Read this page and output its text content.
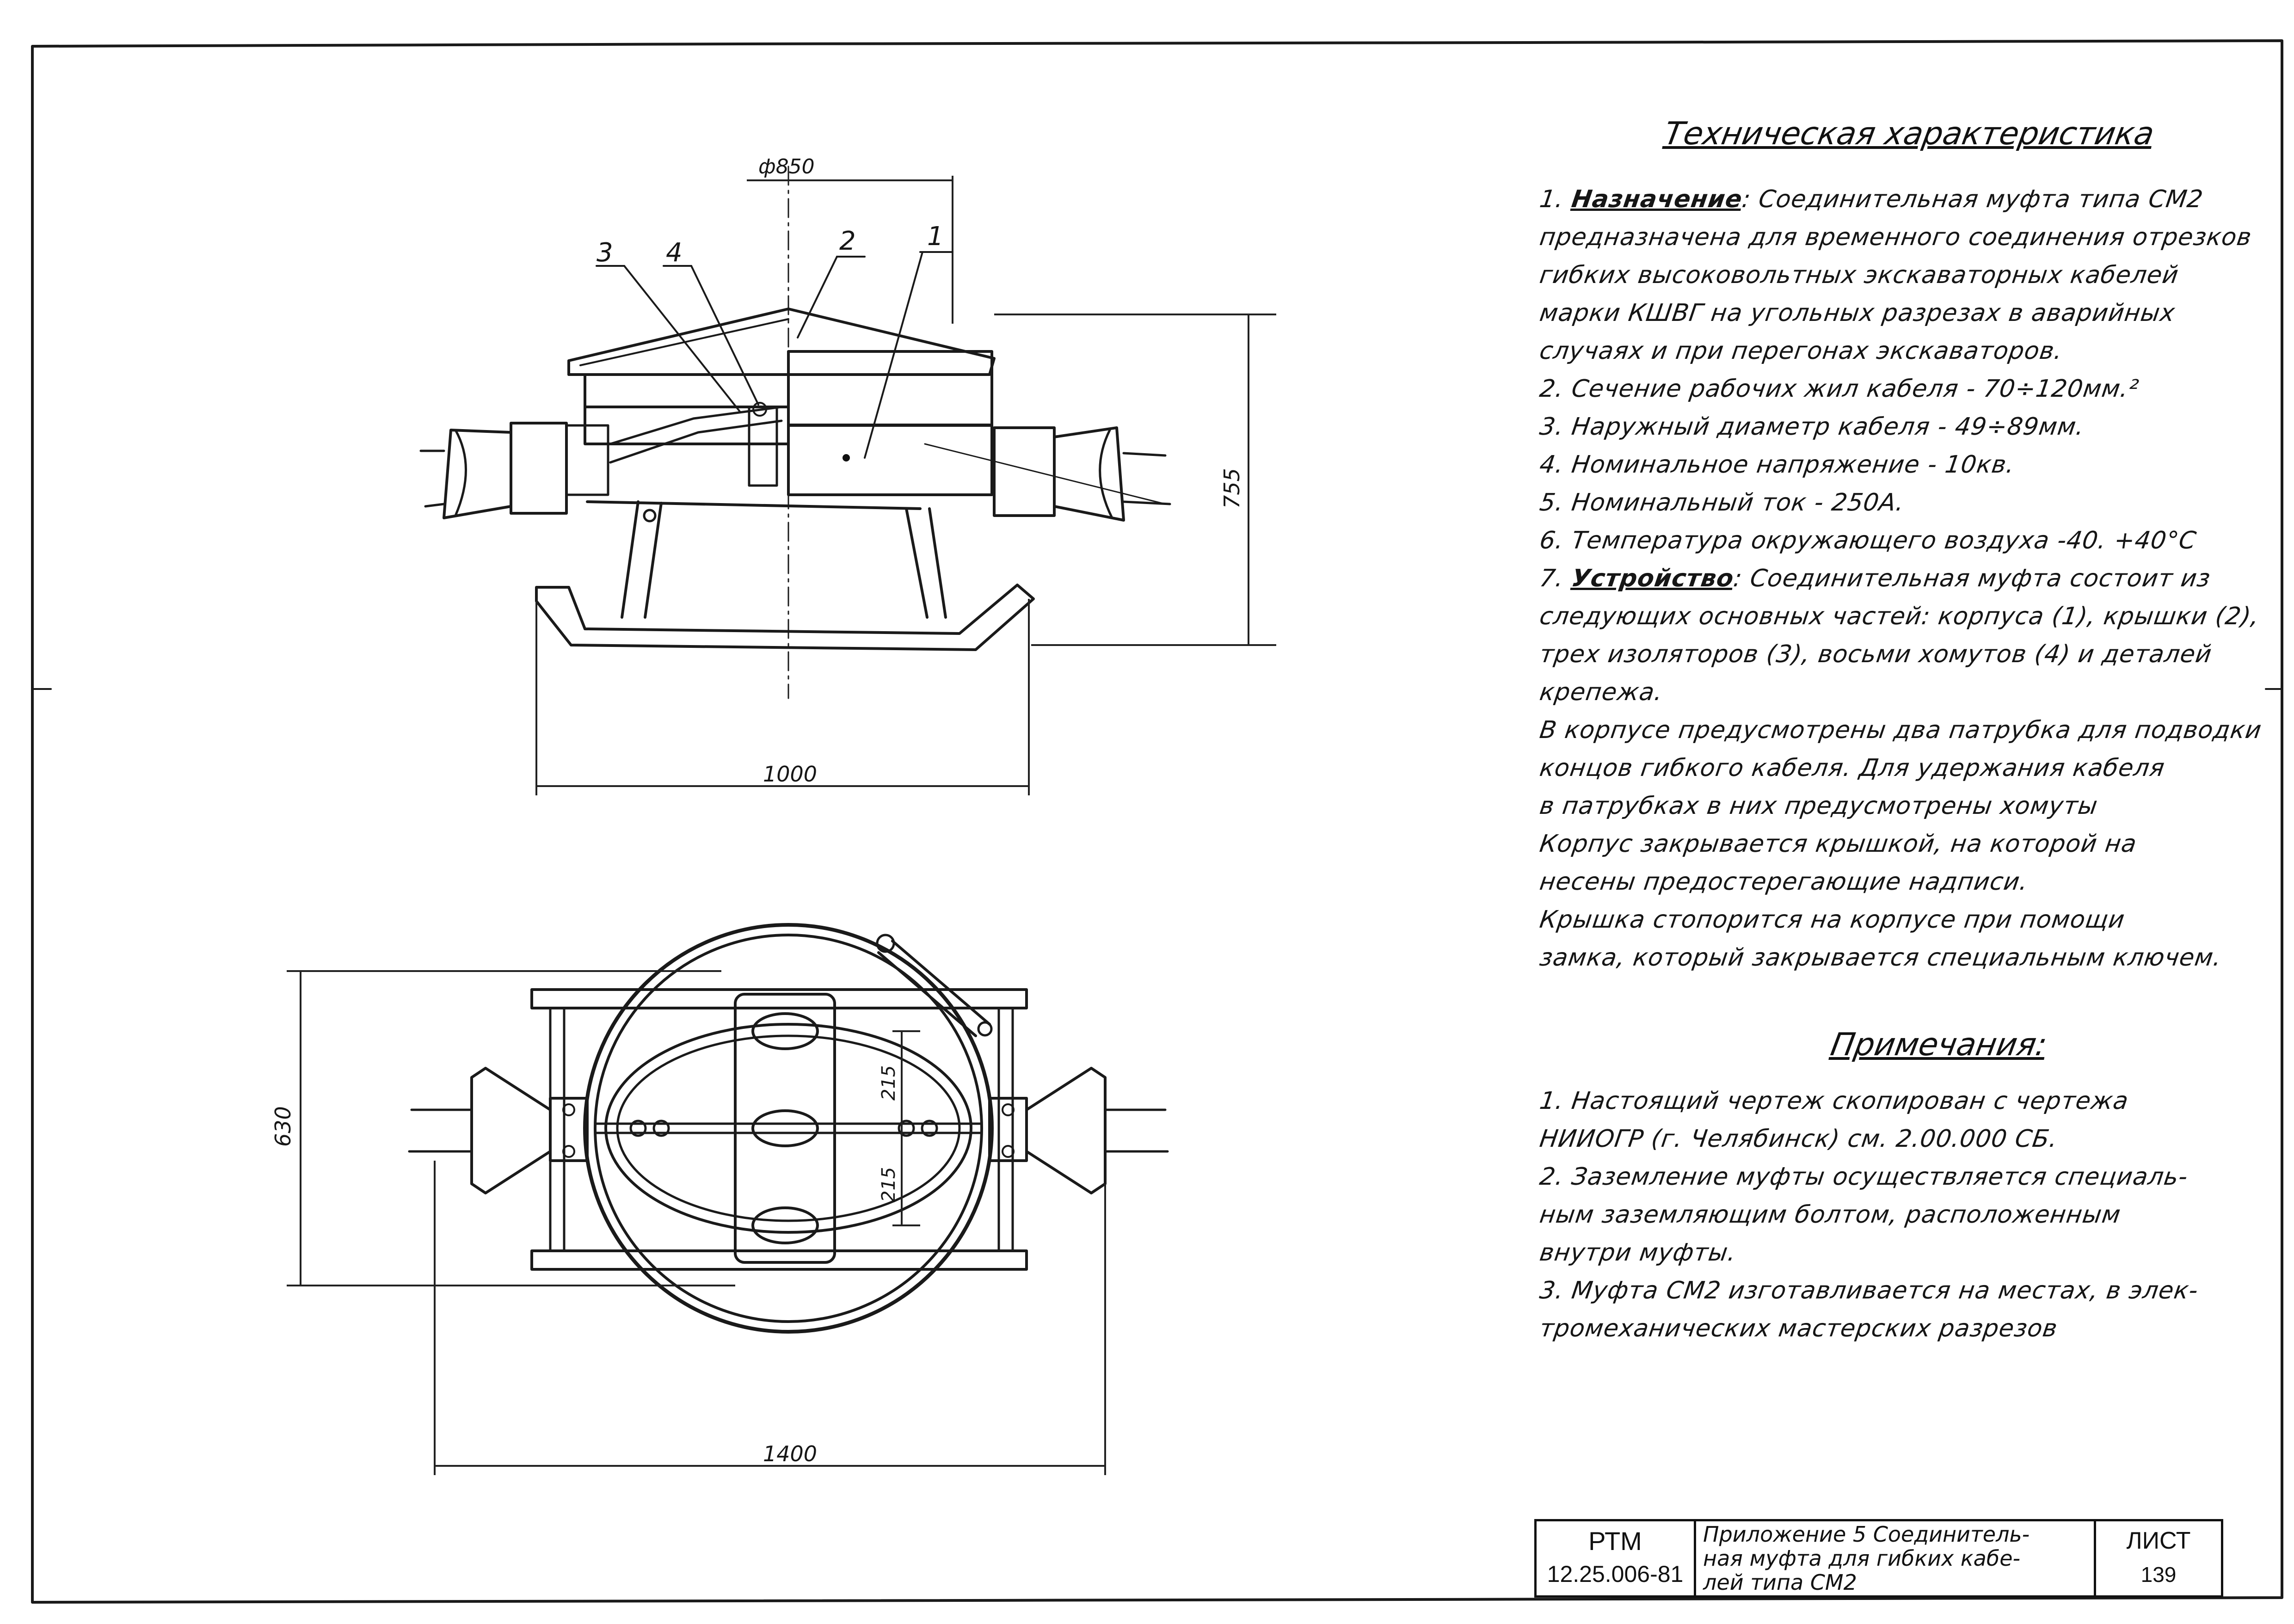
ф850
755
1000
3 4	2	1
630
215
215
1400
Техническая характеристика

1. Назначение: Соединительная муфта типа СМ2

предназначена для временного соединения отрезков

гибких высоковольтных экскаваторных кабелей

марки КШВГ на угольных разрезах в аварийных

случаях и при перегонах экскаваторов.

2. Сечение рабочих жил кабеля - 70÷120мм.²

3. Наружный диаметр кабеля - 49÷89мм.

4. Номинальное напряжение - 10кв.

5. Номинальный ток - 250А.

6. Температура окружающего воздуха -40. +40°С

7. Устройство: Соединительная муфта состоит из

следующих основных частей: корпуса (1), крышки (2),

трех изоляторов (3), восьми хомутов (4) и деталей

крепежа.

В корпусе предусмотрены два патрубка для подводки

концов гибкого кабеля. Для удержания кабеля

в патрубках в них предусмотрены хомуты

Корпус закрывается крышкой, на которой на

несены предостерегающие надписи.

Крышка стопорится на корпусе при помощи

замка, который закрывается специальным ключем.

Примечания:

1. Настоящий чертеж скопирован с чертежа

НИИОГР (г. Челябинск) см. 2.00.000 СБ.

2. Заземление муфты осуществляется специаль-

ным заземляющим болтом, расположенным

внутри муфты.

3. Муфта СМ2 изготавливается на местах, в элек-

тромеханических мастерских разрезов

РТМ
12.25.006-81
Приложение 5 Соединитель-
ная муфта для гибких кабе-
лей типа СМ2
ЛИСТ
139
